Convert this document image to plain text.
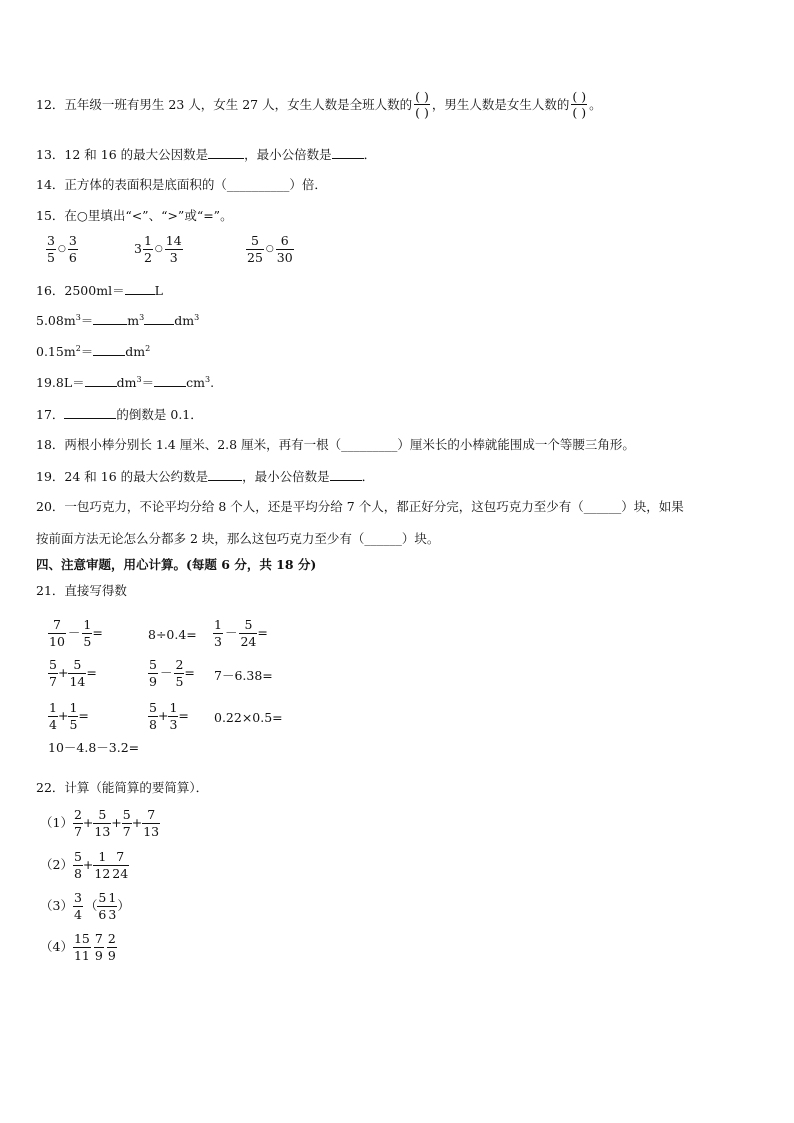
12．五年级一班有男生 23 人，女生 27 人，女生人数是全班人数的 $\frac{( )}{( )}$ ，男生人数是女生人数的 $\frac{( )}{( )}$ 。
13．12 和 16 的最大公因数是	，最小公倍数是	．
14．正方体的表面积是底面积的（__________）倍．
15．在○里填出“<”、“>”或“=”。
$\frac{3}{5}$ ○ $\frac{3}{6}$	$3 \frac{1}{2}$ ○ $\frac{14}{3}$	$\frac{5}{25}$ ○ $\frac{6}{30}$
16．2500ml＝ L
$5.08m^3=$	$m^3$ $dm^3$
$0.15m^2=$	$dm^2$
19.8L＝	$dm^3=$	$cm^3$.
17．	的倒数是 0.1．
18．两根小棒分别长 1.4 厘米、2.8 厘米，再有一根（_________）厘米长的小棒就能围成一个等腰三角形。
19．24 和 16 的最大公约数是	，最小公倍数是	．
20．一包巧克力，不论平均分给 8 个人，还是平均分给 7 个人，都正好分完，这包巧克力至少有（______）块，如果
按前面方法无论怎么分都多 2 块，那么这包巧克力至少有（______）块。
四、注意审题，用心计算。(每题 6 分，共 18 分)
21．直接写得数
$\frac{7}{10} - \frac{1}{5}$ =	$8\div 0.4= \frac{1}{3} - \frac{5}{24}$ =
$\frac{5}{7} + \frac{5}{14}$ =	$\frac{5}{9} - \frac{2}{5} = 7-6.38=$
$\frac{1}{4} + \frac{1}{5}$ =	$\frac{5}{8} + \frac{1}{3} = 0.22\times 0.5=$
10－4.8－3.2=
22．计算（能简算的要简算）．
$(1) \frac{2}{7} + \frac{5}{13} + \frac{5}{7} + \frac{7}{13}$
$(2) \frac{5}{8} + \frac{1}{12} \frac{7}{24}$
$(3) \frac{3}{4}$ （ $\frac{5}{6} \frac{1}{3}$ ）
$(4) \frac{15}{11} \frac{7}{9} \frac{2}{9}$
